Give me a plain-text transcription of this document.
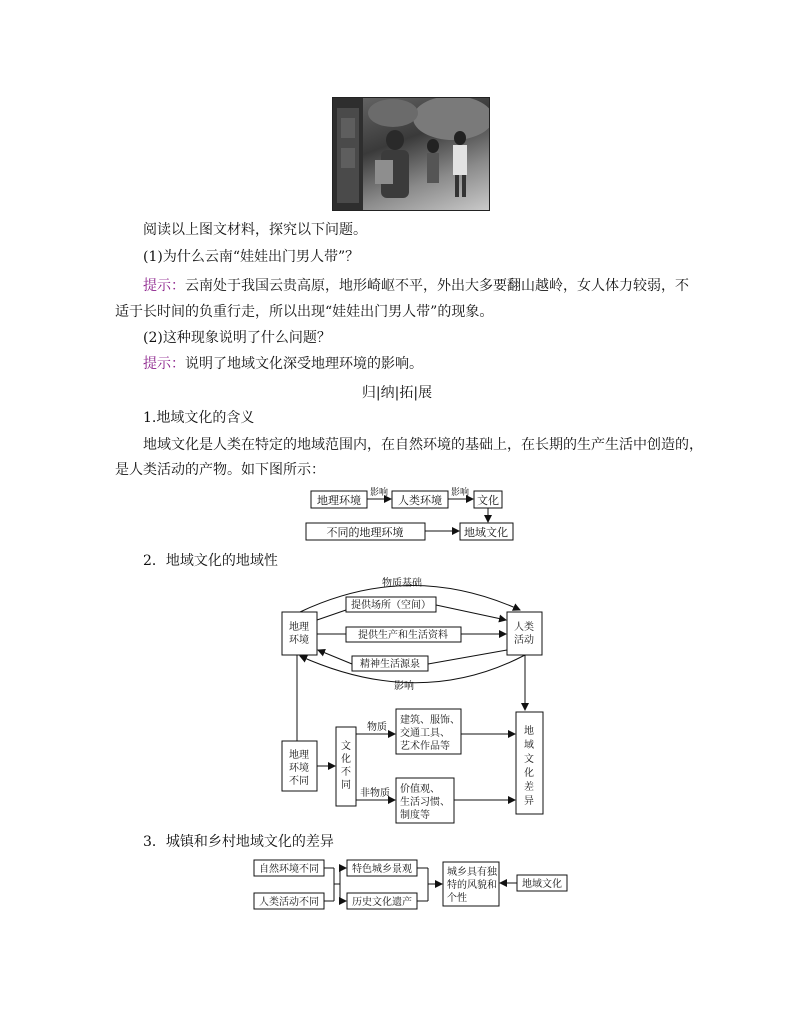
阅读以上图文材料，探究以下问题。
(1)为什么云南“娃娃出门男人带”？
提示：云南处于我国云贵高原，地形崎岖不平，外出大多要翻山越岭，女人体力较弱，不
适于长时间的负重行走，所以出现“娃娃出门男人带”的现象。
(2)这种现象说明了什么问题？
提示：说明了地域文化深受地理环境的影响。
归|纳|拓|展
1.地域文化的含义
地域文化是人类在特定的地域范围内，在自然环境的基础上，在长期的生产生活中创造的，
是人类活动的产物。如下图所示：
地理环境	人类环境	文化
影响	影响
不同的地理环境	地域文化
2．地域文化的地域性
地理
环境
人类
活动
物质基础
提供场所（空间）
提供生产和生活资料
精神生活源泉
影响
地理
环境
不同
文
化
不
同
物质
非物质
建筑、服饰、
交通工具、
艺术作品等
价值观、
生活习惯、
制度等
地
域
文
化
差
异
3．城镇和乡村地域文化的差异
自然环境不同
人类活动不同
特色城乡景观
历史文化遗产
城乡具有独
特的风貌和
个性
地域文化
